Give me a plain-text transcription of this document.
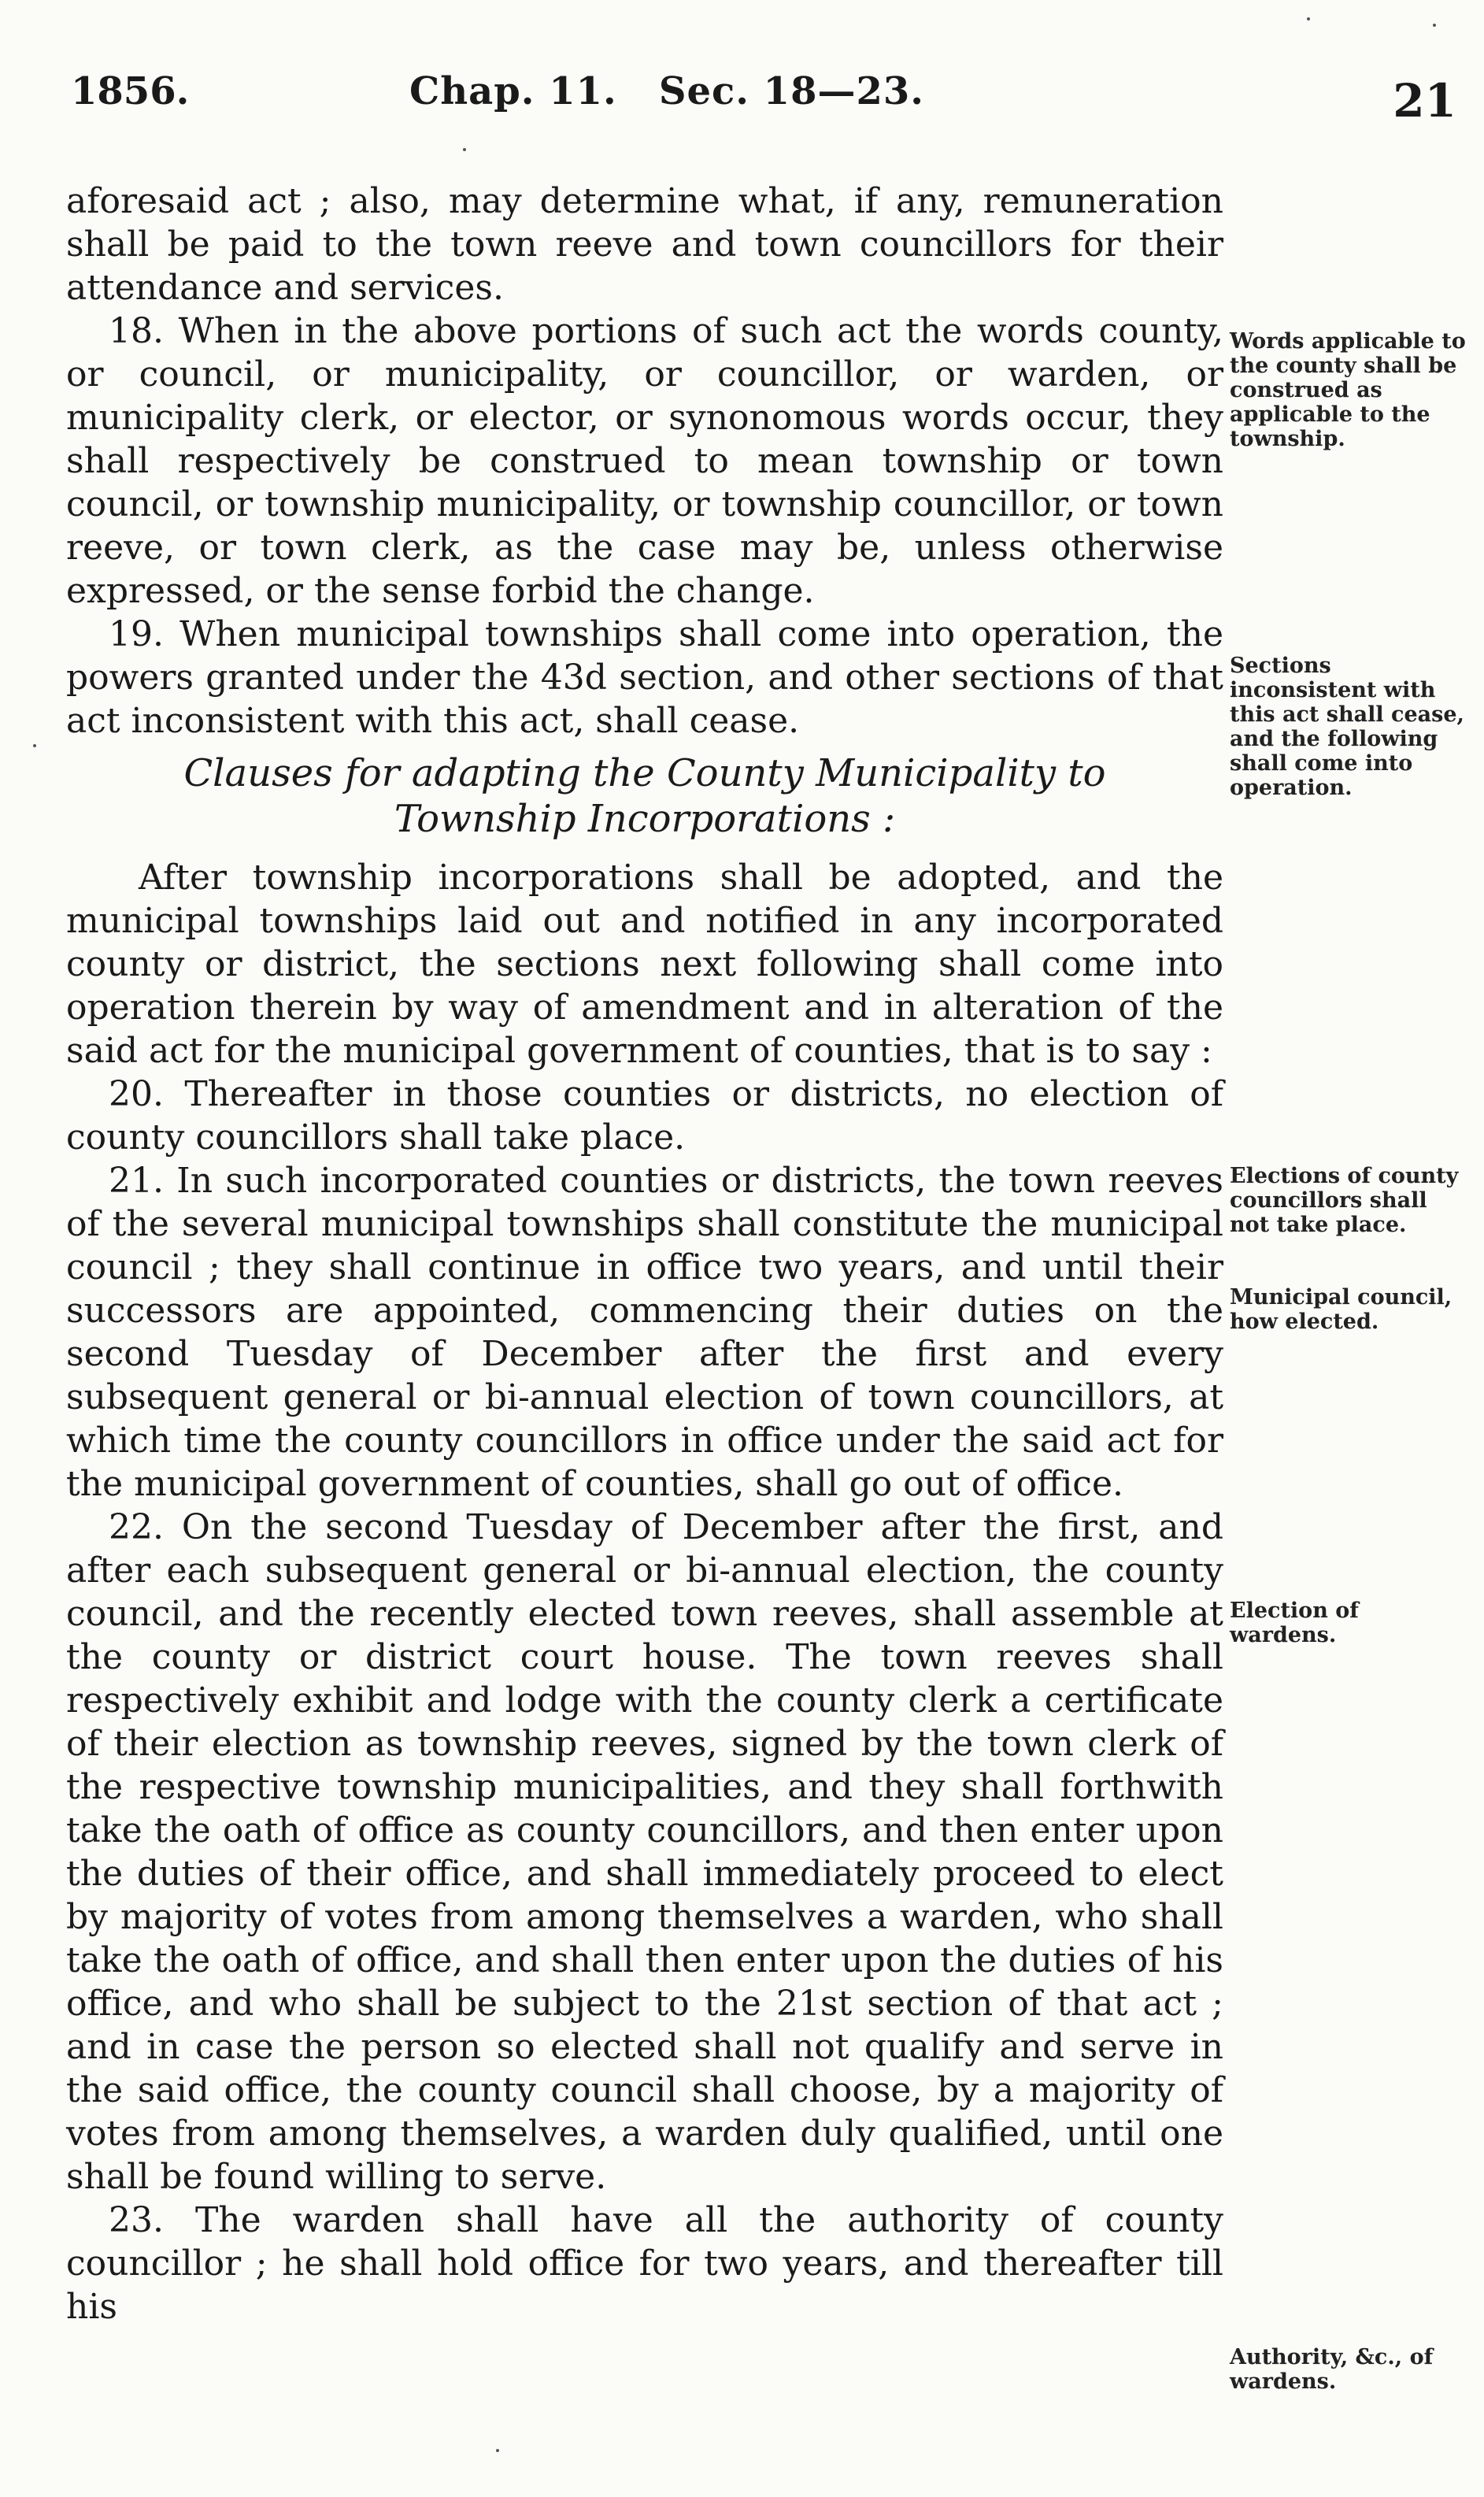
1856.	Chap. 11.   Sec. 18—23.	21

aforesaid act ; also, may determine what, if any, remuneration shall be paid to the town reeve and town councillors for their attendance and services.

18. When in the above portions of such act the words county, or council, or municipality, or councillor, or warden, or municipality clerk, or elector, or synonomous words occur, they shall respectively be construed to mean township or town council, or township municipality, or township councillor, or town reeve, or town clerk, as the case may be, unless otherwise expressed, or the sense forbid the change.

19. When municipal townships shall come into operation, the powers granted under the 43d section, and other sections of that act inconsistent with this act, shall cease.

Clauses for adapting the County Municipality to Township Incorporations :

After township incorporations shall be adopted, and the municipal townships laid out and notified in any incorporated county or district, the sections next following shall come into operation therein by way of amendment and in alteration of the said act for the municipal government of counties, that is to say :

20. Thereafter in those counties or districts, no election of county councillors shall take place.

21. In such incorporated counties or districts, the town reeves of the several municipal townships shall constitute the municipal council ; they shall continue in office two years, and until their successors are appointed, commencing their duties on the second Tuesday of December after the first and every subsequent general or bi-annual election of town councillors, at which time the county councillors in office under the said act for the municipal government of counties, shall go out of office.

22. On the second Tuesday of December after the first, and after each subsequent general or bi-annual election, the county council, and the recently elected town reeves, shall assemble at the county or district court house. The town reeves shall respectively exhibit and lodge with the county clerk a certificate of their election as township reeves, signed by the town clerk of the respective township municipalities, and they shall forthwith take the oath of office as county councillors, and then enter upon the duties of their office, and shall immediately proceed to elect by majority of votes from among themselves a warden, who shall take the oath of office, and shall then enter upon the duties of his office, and who shall be subject to the 21st section of that act ; and in case the person so elected shall not qualify and serve in the said office, the county council shall choose, by a majority of votes from among themselves, a warden duly qualified, until one shall be found willing to serve.

23. The warden shall have all the authority of county councillor ; he shall hold office for two years, and thereafter till his

Words applicable to the county shall be construed as applicable to the township.
Sections inconsistent with this act shall cease, and the following shall come into operation.
Elections of county councillors shall not take place.
Municipal council, how elected.
Election of wardens.
Authority, &c., of wardens.
